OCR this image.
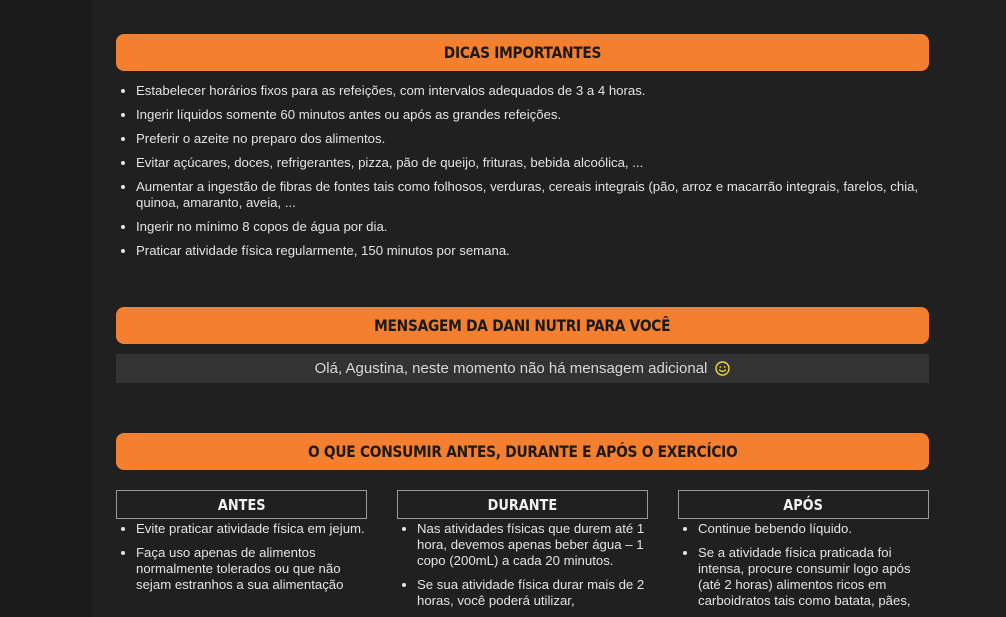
DICAS IMPORTANTES
• Estabelecer horários fixos para as refeições, com intervalos adequados de 3 a 4 horas.
• Ingerir líquidos somente 60 minutos antes ou após as grandes refeições.
• Preferir o azeite no preparo dos alimentos.
• Evitar açúcares, doces, refrigerantes, pizza, pão de queijo, frituras, bebida alcoólica, ...
• Aumentar a ingestão de fibras de fontes tais como folhosos, verduras, cereais integrais (pão, arroz e macarrão integrais, farelos, chia, quinoa, amaranto, aveia, ...
• Ingerir no mínimo 8 copos de água por dia.
• Praticar atividade física regularmente, 150 minutos por semana.
MENSAGEM DA DANI NUTRI PARA VOCÊ
Olá, Agustina, neste momento não há mensagem adicional
O QUE CONSUMIR ANTES, DURANTE E APÓS O EXERCÍCIO
ANTES
• Evite praticar atividade física em jejum.
• Faça uso apenas de alimentos normalmente tolerados ou que não sejam estranhos a sua alimentação
DURANTE
• Nas atividades físicas que durem até 1 hora, devemos apenas beber água – 1 copo (200mL) a cada 20 minutos.
• Se sua atividade física durar mais de 2 horas, você poderá utilizar,
APÓS
• Continue bebendo líquido.
• Se a atividade física praticada foi intensa, procure consumir logo após (até 2 horas) alimentos ricos em carboidratos tais como batata, pães,
